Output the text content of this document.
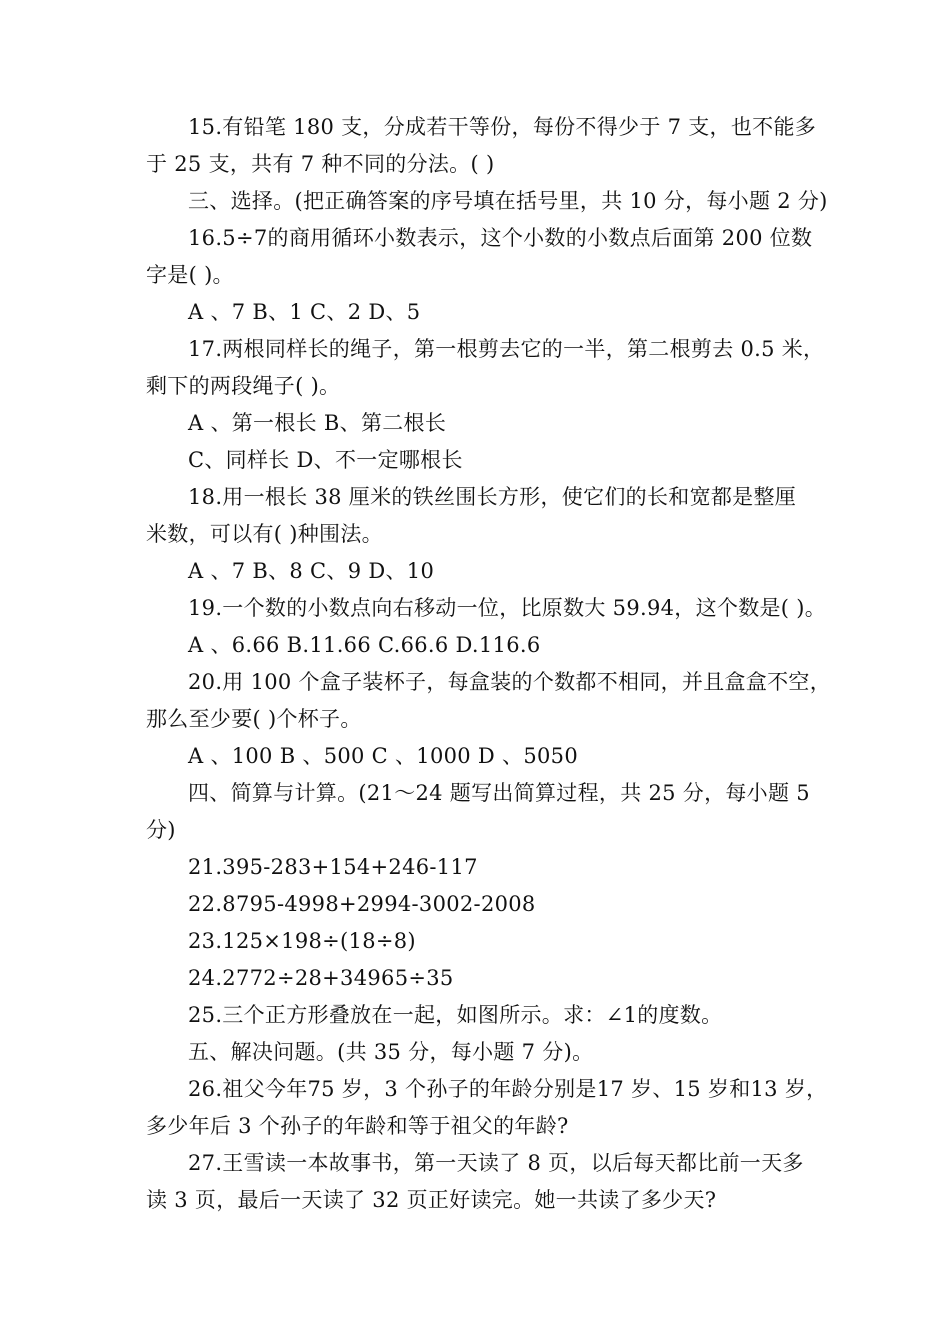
15.有铅笔 180 支，分成若干等份，每份不得少于 7 支，也不能多
于 25 支，共有 7 种不同的分法。( )
三、选择。(把正确答案的序号填在括号里，共 10 分，每小题 2 分)
16.5÷7的商用循环小数表示，这个小数的小数点后面第 200 位数
字是( )。
A 、7 B、1 C、2 D、5
17.两根同样长的绳子，第一根剪去它的一半，第二根剪去 0.5 米，
剩下的两段绳子( )。
A 、第一根长 B、第二根长
C、同样长 D、不一定哪根长
18.用一根长 38 厘米的铁丝围长方形，使它们的长和宽都是整厘
米数，可以有( )种围法。
A 、7 B、8 C、9 D、10
19.一个数的小数点向右移动一位，比原数大 59.94，这个数是( )。
A 、6.66 B.11.66 C.66.6 D.116.6
20.用 100 个盒子装杯子，每盒装的个数都不相同，并且盒盒不空，
那么至少要( )个杯子。
A 、100 B 、500 C 、1000 D 、5050
四、简算与计算。(21～24 题写出简算过程，共 25 分，每小题 5
分)
21.395-283+154+246-117
22.8795-4998+2994-3002-2008
23.125×198÷(18÷8)
24.2772÷28+34965÷35
25.三个正方形叠放在一起，如图所示。求：∠1的度数。
五、解决问题。(共 35 分，每小题 7 分)。
26.祖父今年75 岁，3 个孙子的年龄分别是17 岁、15 岁和13 岁，
多少年后 3 个孙子的年龄和等于祖父的年龄?
27.王雪读一本故事书，第一天读了 8 页，以后每天都比前一天多
读 3 页，最后一天读了 32 页正好读完。她一共读了多少天?
